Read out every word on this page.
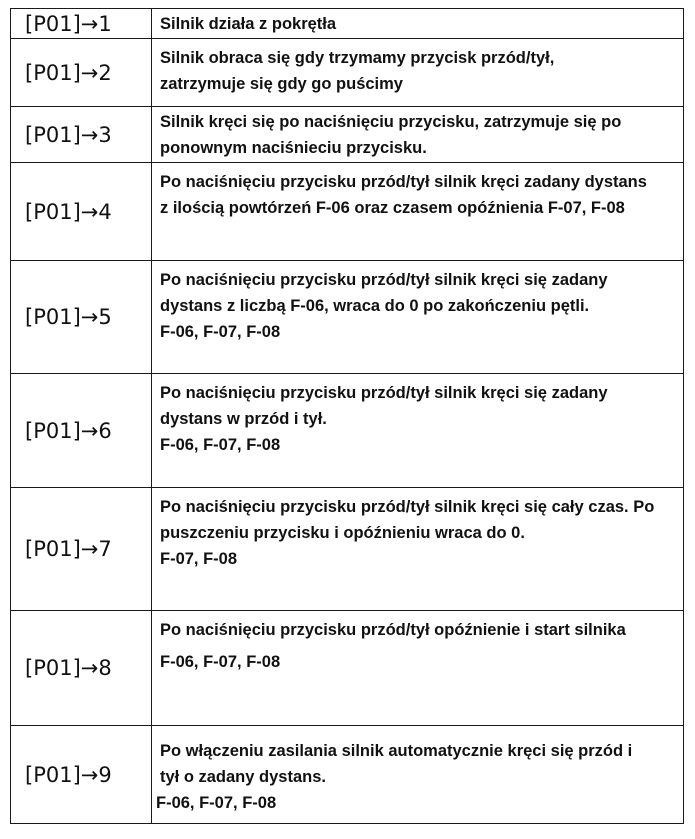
[P01]→1	Silnik działa z pokrętła

[P01]→2	Silnik obraca się gdy trzymamy przycisk przód/tył,
zatrzymuje się gdy go puścimy

[P01]→3	Silnik kręci się po naciśnięciu przycisku, zatrzymuje się po
ponownym naciśnieciu przycisku.

[P01]→4	Po naciśnięciu przycisku przód/tył silnik kręci zadany dystans
z ilością powtórzeń F-06 oraz czasem opóźnienia F-07, F-08

[P01]→5	Po naciśnięciu przycisku przód/tył silnik kręci się zadany
dystans z liczbą F-06, wraca do 0 po zakończeniu pętli.
F-06, F-07, F-08

[P01]→6	Po naciśnięciu przycisku przód/tył silnik kręci się zadany
dystans w przód i tył.
F-06, F-07, F-08

[P01]→7	Po naciśnięciu przycisku przód/tył silnik kręci się cały czas. Po
puszczeniu przycisku i opóźnieniu wraca do 0.
F-07, F-08

[P01]→8	Po naciśnięciu przycisku przód/tył opóźnienie i start silnika
F-06, F-07, F-08

[P01]→9	Po włączeniu zasilania silnik automatycznie kręci się przód i
tył o zadany dystans.
F-06, F-07, F-08
